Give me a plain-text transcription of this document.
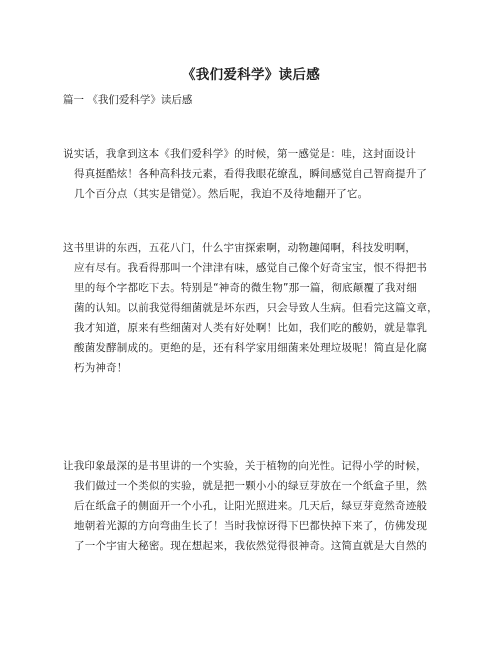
《我们爱科学》读后感
篇一 《我们爱科学》读后感
说实话，我拿到这本《我们爱科学》的时候，第一感觉是：哇，这封面设计
得真挺酷炫！各种高科技元素，看得我眼花缭乱，瞬间感觉自己智商提升了
几个百分点（其实是错觉）。然后呢，我迫不及待地翻开了它。
这书里讲的东西，五花八门，什么宇宙探索啊，动物趣闻啊，科技发明啊，
应有尽有。我看得那叫一个津津有味，感觉自己像个好奇宝宝，恨不得把书
里的每个字都吃下去。特别是“神奇的微生物”那一篇，彻底颠覆了我对细
菌的认知。以前我觉得细菌就是坏东西，只会导致人生病。但看完这篇文章，
我才知道，原来有些细菌对人类有好处啊！比如，我们吃的酸奶，就是靠乳
酸菌发酵制成的。更绝的是，还有科学家用细菌来处理垃圾呢！简直是化腐
朽为神奇！
让我印象最深的是书里讲的一个实验，关于植物的向光性。记得小学的时候，
我们做过一个类似的实验，就是把一颗小小的绿豆芽放在一个纸盒子里，然
后在纸盒子的侧面开一个小孔，让阳光照进来。几天后，绿豆芽竟然奇迹般
地朝着光源的方向弯曲生长了！当时我惊讶得下巴都快掉下来了，仿佛发现
了一个宇宙大秘密。现在想起来，我依然觉得很神奇。这简直就是大自然的
